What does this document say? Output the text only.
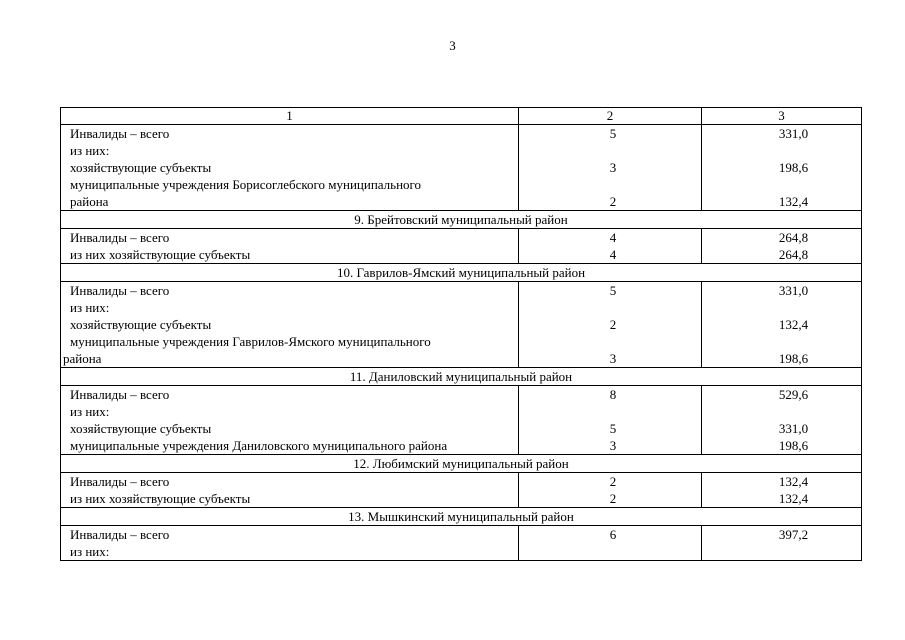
3
1	2	3
Инвалиды – всего	5	331,0
из них:		
хозяйствующие субъекты	3	198,6
муниципальные учреждения Борисоглебского муниципального		
района	2	132,4
9. Брейтовский муниципальный район		
Инвалиды – всего	4	264,8
из них хозяйствующие субъекты	4	264,8
10. Гаврилов-Ямский муниципальный район		
Инвалиды – всего	5	331,0
из них:		
хозяйствующие субъекты	2	132,4
муниципальные учреждения Гаврилов-Ямского муниципального		
района	3	198,6
11. Даниловский муниципальный район		
Инвалиды – всего	8	529,6
из них:		
хозяйствующие субъекты	5	331,0
муниципальные учреждения Даниловского муниципального района	3	198,6
12. Любимский муниципальный район		
Инвалиды – всего	2	132,4
из них хозяйствующие субъекты	2	132,4
13. Мышкинский муниципальный район		
Инвалиды – всего	6	397,2
из них:		
